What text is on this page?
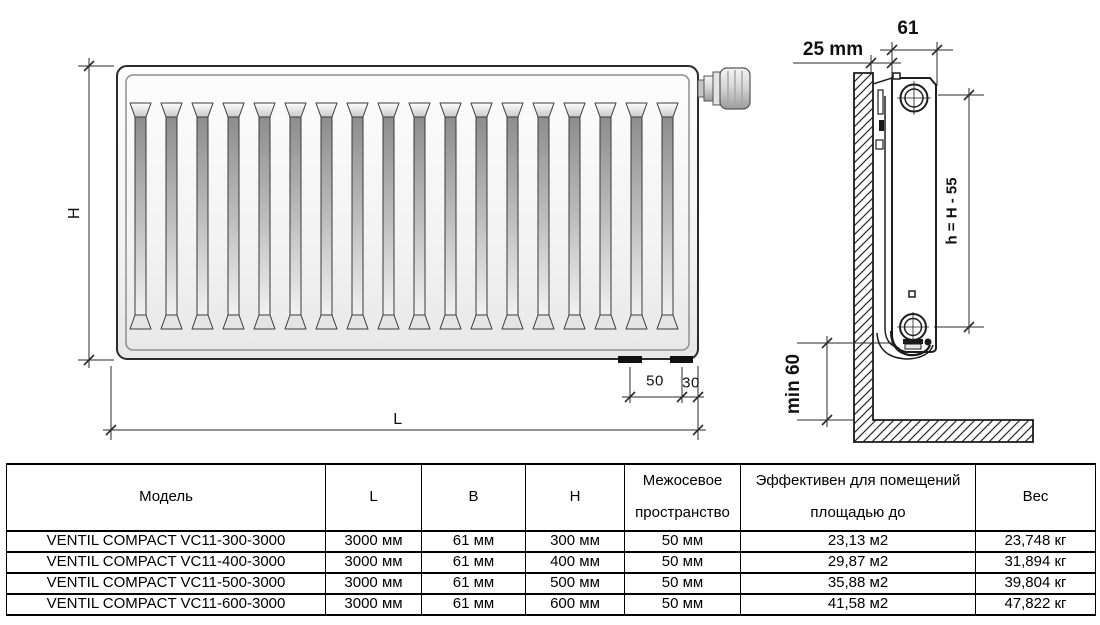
H
L
50 30
25 mm
61
h = H - 55
min 60
Модель	L	B	H	Межосевое пространство	Эффективен для помещений площадью до	Вес
VENTIL COMPACT VC11-300-3000	3000 мм	61 мм	300 мм	50 мм	23,13 м2	23,748 кг
VENTIL COMPACT VC11-400-3000	3000 мм	61 мм	400 мм	50 мм	29,87 м2	31,894 кг
VENTIL COMPACT VC11-500-3000	3000 мм	61 мм	500 мм	50 мм	35,88 м2	39,804 кг
VENTIL COMPACT VC11-600-3000	3000 мм	61 мм	600 мм	50 мм	41,58 м2	47,822 кг
